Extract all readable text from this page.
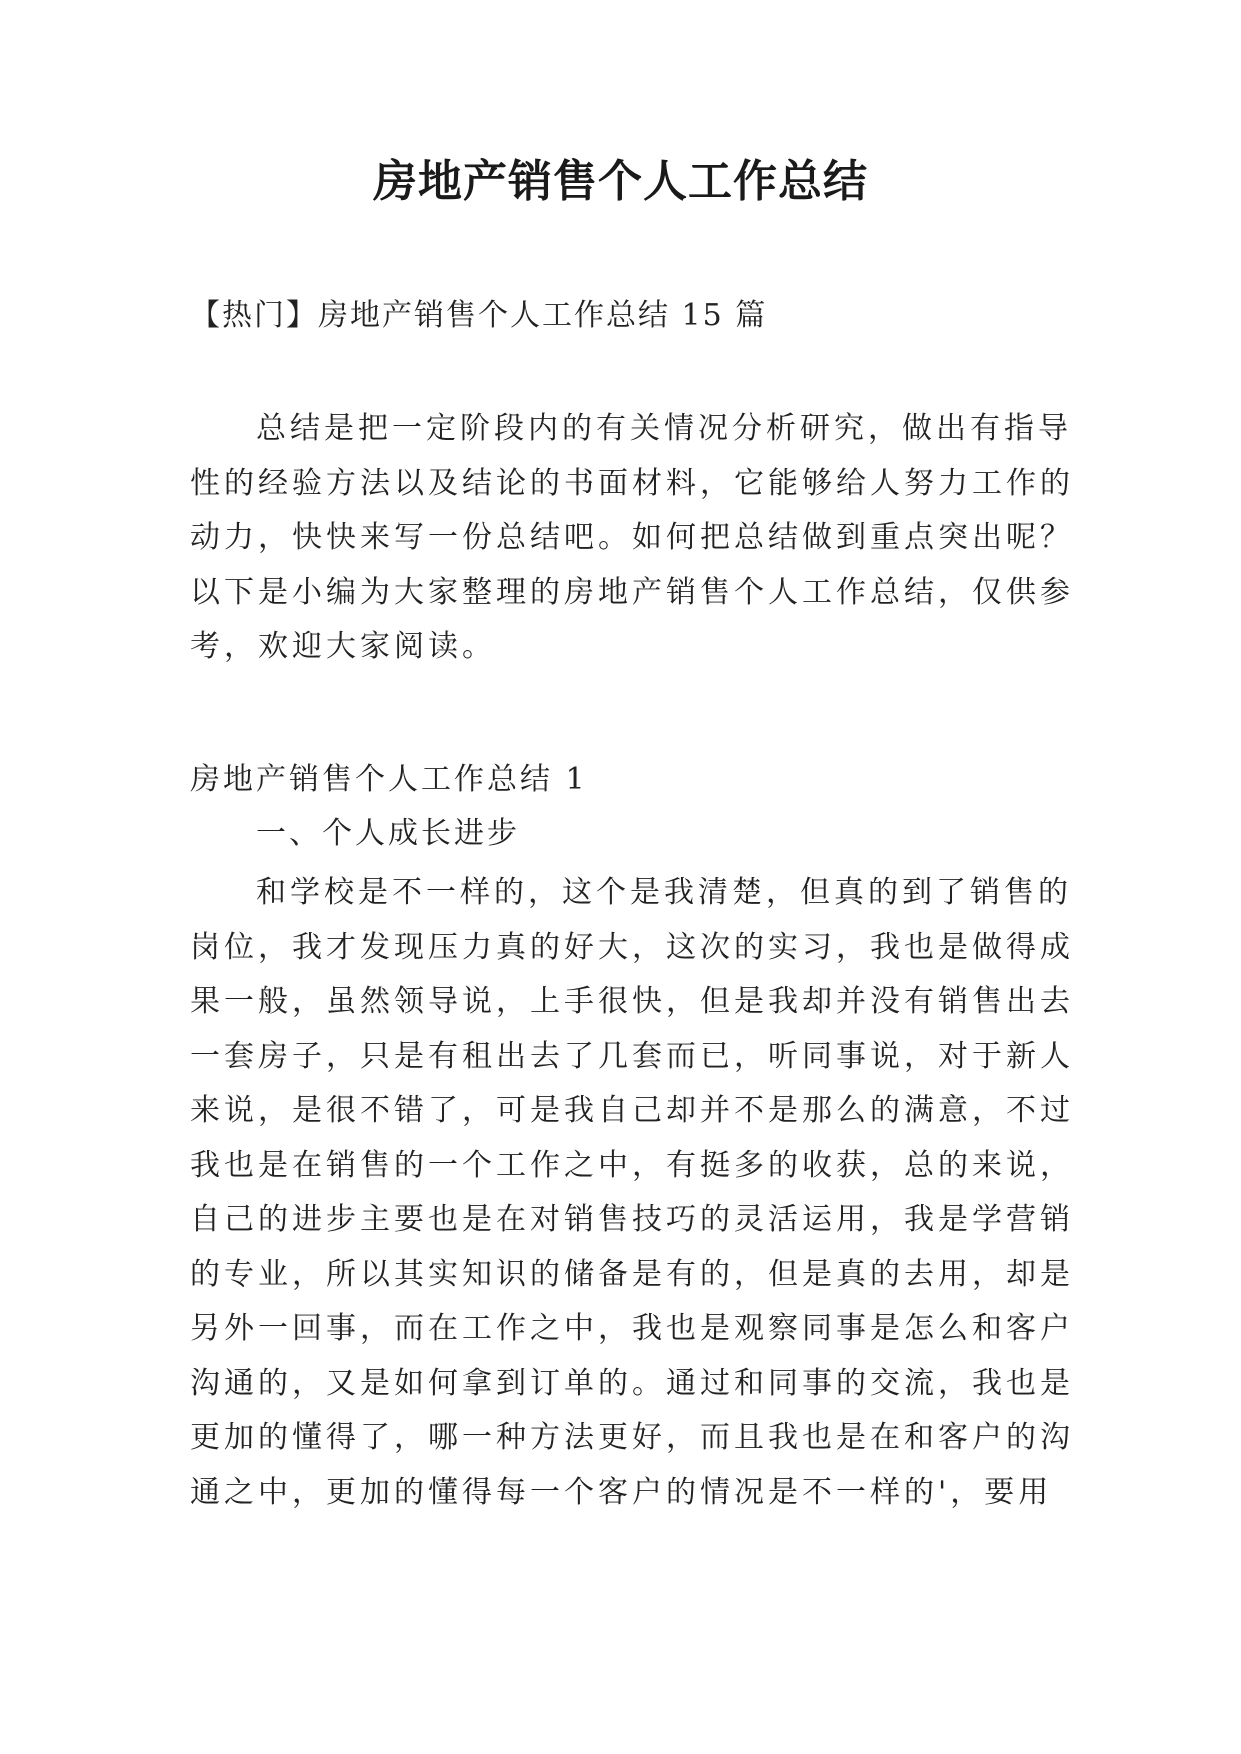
房地产销售个人工作总结
【热门】房地产销售个人工作总结 15 篇
总结是把一定阶段内的有关情况分析研究，做出有指导
性的经验方法以及结论的书面材料，它能够给人努力工作的
动力，快快来写一份总结吧。如何把总结做到重点突出呢？
以下是小编为大家整理的房地产销售个人工作总结，仅供参
考，欢迎大家阅读。
房地产销售个人工作总结 1
一、个人成长进步
和学校是不一样的，这个是我清楚，但真的到了销售的
岗位，我才发现压力真的好大，这次的实习，我也是做得成
果一般，虽然领导说，上手很快，但是我却并没有销售出去
一套房子，只是有租出去了几套而已，听同事说，对于新人
来说，是很不错了，可是我自己却并不是那么的满意，不过
我也是在销售的一个工作之中，有挺多的收获，总的来说，
自己的进步主要也是在对销售技巧的灵活运用，我是学营销
的专业，所以其实知识的储备是有的，但是真的去用，却是
另外一回事，而在工作之中，我也是观察同事是怎么和客户
沟通的，又是如何拿到订单的。通过和同事的交流，我也是
更加的懂得了，哪一种方法更好，而且我也是在和客户的沟
通之中，更加的懂得每一个客户的情况是不一样的'，要用
